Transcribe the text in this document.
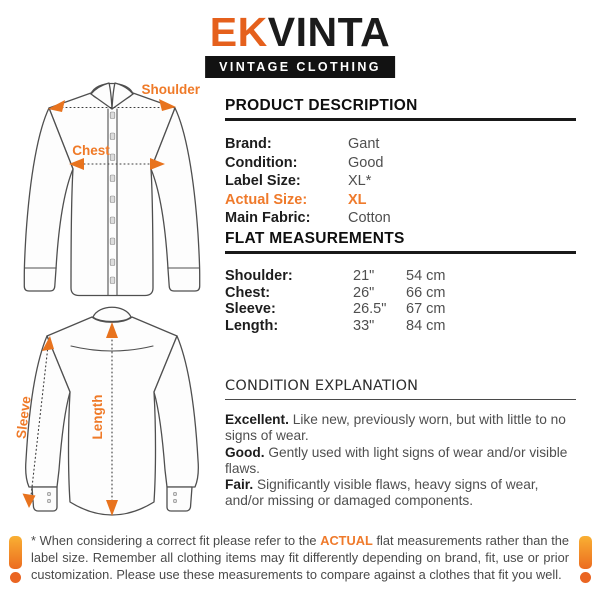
EKVINTA
VINTAGE CLOTHING
Shoulder
Chest
Length
Sleeve
PRODUCT DESCRIPTION
Brand:	Gant
Condition:	Good
Label Size:	XL*
Actual Size:	XL
Main Fabric:	Cotton
FLAT MEASUREMENTS
Shoulder:	21"	54 cm
Chest:	26"	66 cm
Sleeve:	26.5"	67 cm
Length:	33"	84 cm
CONDITION EXPLANATION

Excellent. Like new, previously worn, but with little to no signs of wear.

Good. Gently used with light signs of wear and/or visible flaws.

Fair. Significantly visible flaws, heavy signs of wear, and/or missing or damaged components.

* When considering a correct fit please refer to the ACTUAL flat measurements rather than the label size. Remember all clothing items may fit differently depending on brand, fit, use or prior customization. Please use these measurements to compare against a clothes that fit you well.
